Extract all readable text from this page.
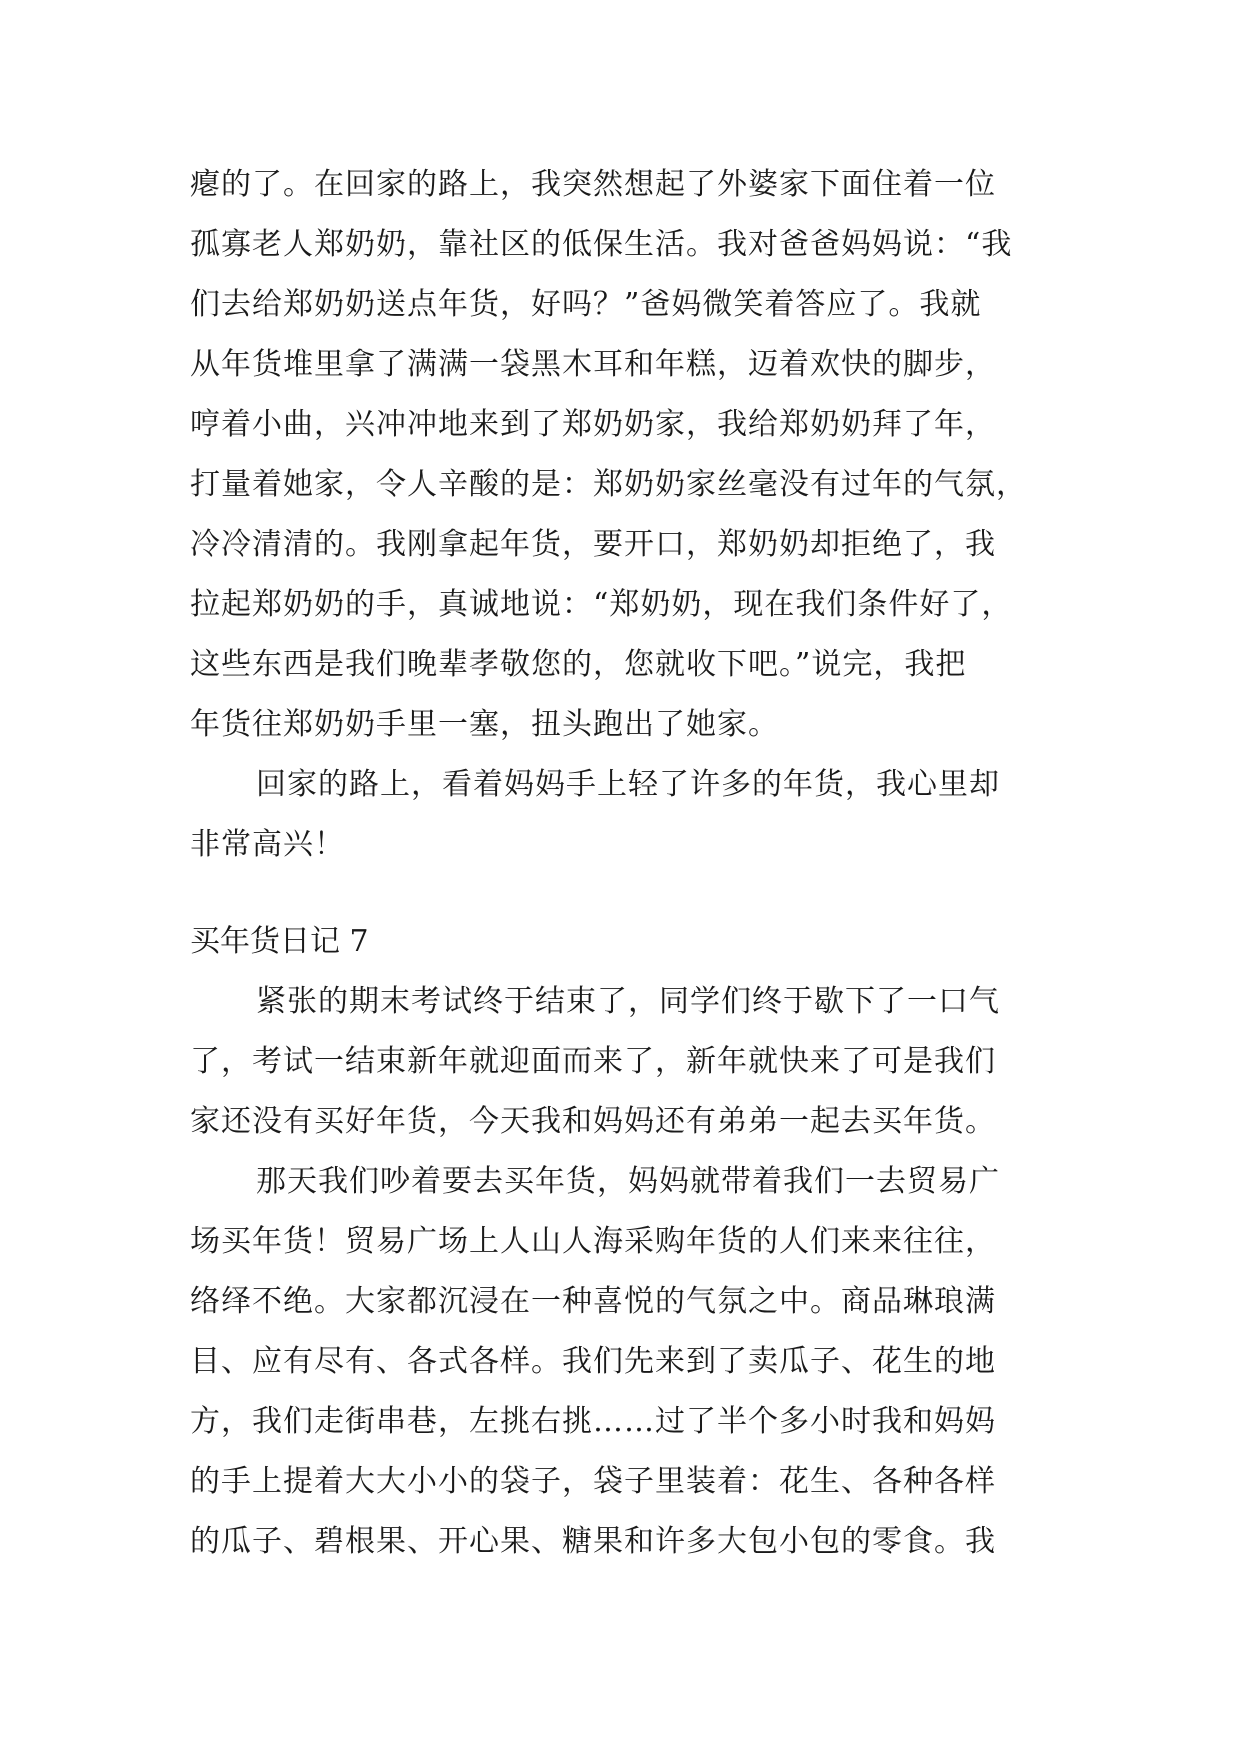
瘪的了。在回家的路上，我突然想起了外婆家下面住着一位
孤寡老人郑奶奶，靠社区的低保生活。我对爸爸妈妈说：“我
们去给郑奶奶送点年货，好吗？”爸妈微笑着答应了。我就
从年货堆里拿了满满一袋黑木耳和年糕，迈着欢快的脚步，
哼着小曲，兴冲冲地来到了郑奶奶家，我给郑奶奶拜了年，
打量着她家，令人辛酸的是：郑奶奶家丝毫没有过年的气氛，
冷冷清清的。我刚拿起年货，要开口，郑奶奶却拒绝了，我
拉起郑奶奶的手，真诚地说：“郑奶奶，现在我们条件好了，
这些东西是我们晚辈孝敬您的，您就收下吧。”说完，我把
年货往郑奶奶手里一塞，扭头跑出了她家。
回家的路上，看着妈妈手上轻了许多的年货，我心里却
非常高兴！
买年货日记 7
紧张的期末考试终于结束了，同学们终于歇下了一口气
了，考试一结束新年就迎面而来了，新年就快来了可是我们
家还没有买好年货，今天我和妈妈还有弟弟一起去买年货。
那天我们吵着要去买年货，妈妈就带着我们一去贸易广
场买年货！贸易广场上人山人海采购年货的人们来来往往，
络绎不绝。大家都沉浸在一种喜悦的气氛之中。商品琳琅满
目、应有尽有、各式各样。我们先来到了卖瓜子、花生的地
方，我们走街串巷，左挑右挑……过了半个多小时我和妈妈
的手上提着大大小小的袋子，袋子里装着：花生、各种各样
的瓜子、碧根果、开心果、糖果和许多大包小包的零食。我
